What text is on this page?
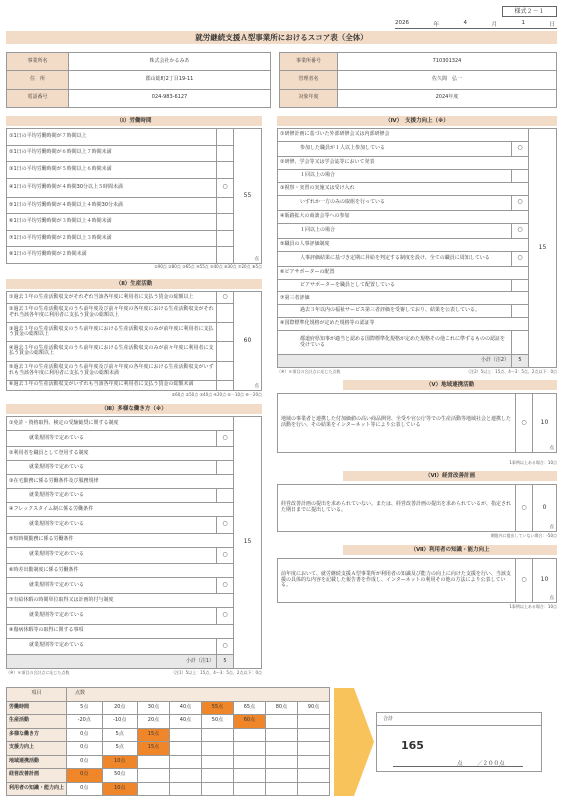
様式２－１
2026	年	4	月	1	日
就労継続支援Ａ型事業所におけるスコア表（全体）
事業所名	株式会社かるみあ
住　所	郡山総町2丁目19-11
電話番号	024-983-6127
事業所番号	710301324
管理者名	佐久間　弘一
対象年度	2024年度
（Ⅰ）労働時間
①1日の平均労働時間が７時間以上		55
点

②1日の平均労働時間が６時間以上７時間未満		
③1日の平均労働時間が５時間以上６時間未満		
④1日の平均労働時間が４時間30分以上５時間未満	○	
⑤1日の平均労働時間が４時間以上４時間30分未満		
⑥1日の平均労働時間が３時間以上４時間未満		
⑦1日の平均労働時間が２時間以上３時間未満		
⑧1日の平均労働時間が２時間未満		
①90点 ②80点 ③65点 ④55点 ⑤40点 ⑥30点 ⑦20点 ⑧5点
（Ⅱ）生産活動
①過去３年の生産活動収支がそれぞれ当該各年度に利用者に支払う賃金の総額以上	○	60
点

②過去３年の生産活動収支のうち前年度及び前々年度の各年度における生産活動収支がそれぞれ当該各年度に利用者に支払う賃金の総額以上		
③過去３年の生産活動収支のうち前年度における生産活動収支のみが前年度に利用者に支払う賃金の総額以上		
④過去３年の生産活動収支のうち前年度における生産活動収支のみが前々年度に利用者に支払う賃金の総額以上		
⑤過去３年の生産活動収支のうち前年度及び前々年度の各年度における生産活動収支がいずれも当該各年度に利用者に支払う賃金の総額未満		
⑥過去３年の生産活動収支がいずれも当該各年度に利用者に支払う賃金の総額未満		
①60点 ②50点 ③40点 ④20点 ⑤－10点 ⑥－20点
（Ⅲ）多様な働き方（※）
①免許・資格取得、検定の受験勧奨に関する制度		15
就業規則等で定めている	○	
②利用者を職員として登用する制度		
就業規則等で定めている		
③在宅勤務に係る労働条件及び服務規律		
就業規則等で定めている		
④フレックスタイム制に係る労働条件		
就業規則等で定めている	○	
⑤短時間勤務に係る労働条件		
就業規則等で定めている	○	
⑥時差出勤制度に係る労働条件		
就業規則等で定めている	○	
⑦有給休暇の時間単位取得又は計画的付与制度		
就業規則等で定めている	○	
⑧傷病休暇等の取得に関する事項		
就業規則等で定めている	○	
小計（注1）	5	
（※）８項目の合計点に応じた点数	（注1）5以上：15点、4～3：5点、2点以下：0点
（Ⅳ）　支援力向上（※）
①研修計画に基づいた外部研修会又は内部研修会		15
参加した職員が１人以上参加している	○	
②研修、学会等又は学会誌等において発表		
１回以上の場合		
③視察・実習の実施又は受け入れ		
いずれか一方のみの取組を行っている	○	
④販路拡大の商談会等への参加		
１回以上の場合	○	
⑤職員の人事評価制度		
人事評価結果に基づき定期に昇給を判定する制度を設け、全ての職員に周知している	○	
⑥ピアサポーターの配置		
ピアサポーターを職員として配置している		
⑦第三者評価		
過去３年以内の福祉サービス第三者評価を受審しており、結果を公表している。		
⑧国際標準化規格が定めた規格等の認証等		
都道府県知事が適当と認める国際標準化規格が定めた規格その他これに準ずるものの認証を受けている		
小計（注2）	5	
（※）８項目の合計点に応じた点数	（注2）5以上：15点、4～3：5点、2点以下：0点
（Ⅴ）地域連携活動
地域の事業者と連携した付加価値の高い商品開発、全受や官公庁等での生産活動等地域社会と連携した活動を行い、その結果をインターネット等により公表している	○	10
点
1事例以上ある場合：10点
（Ⅵ）経営改善計画
経営改善計画の提出を求められていない。または、経営改善計画の提出を求められているが、指定された期日までに提出している。	○	0
点
期限内に提出していない場合：-50点
（Ⅶ）利用者の知識・能力向上
前年度において、就労継続支援Ａ型事業所が利用者の知識及び能力の向上に向けた支援を行い、当該支援の具体的な内容を記載した報告書を作成し、インターネットの利用その他の方法により公表している。	○	10
点
1事例以上ある場合：10点
項目	点数							
労働時間	5点	20点	30点	40点	55点	65点	80点	90点
生産活動	-20点	-10点	20点	40点	50点	60点		
多様な働き方	0点	5点	15点					
支援力向上	0点	5点	15点					
地域連携活動	0点	10点						
経営改善計画	0点	50点						
利用者の知識・能力向上	0点	10点						
合計
165
点	／２００点
